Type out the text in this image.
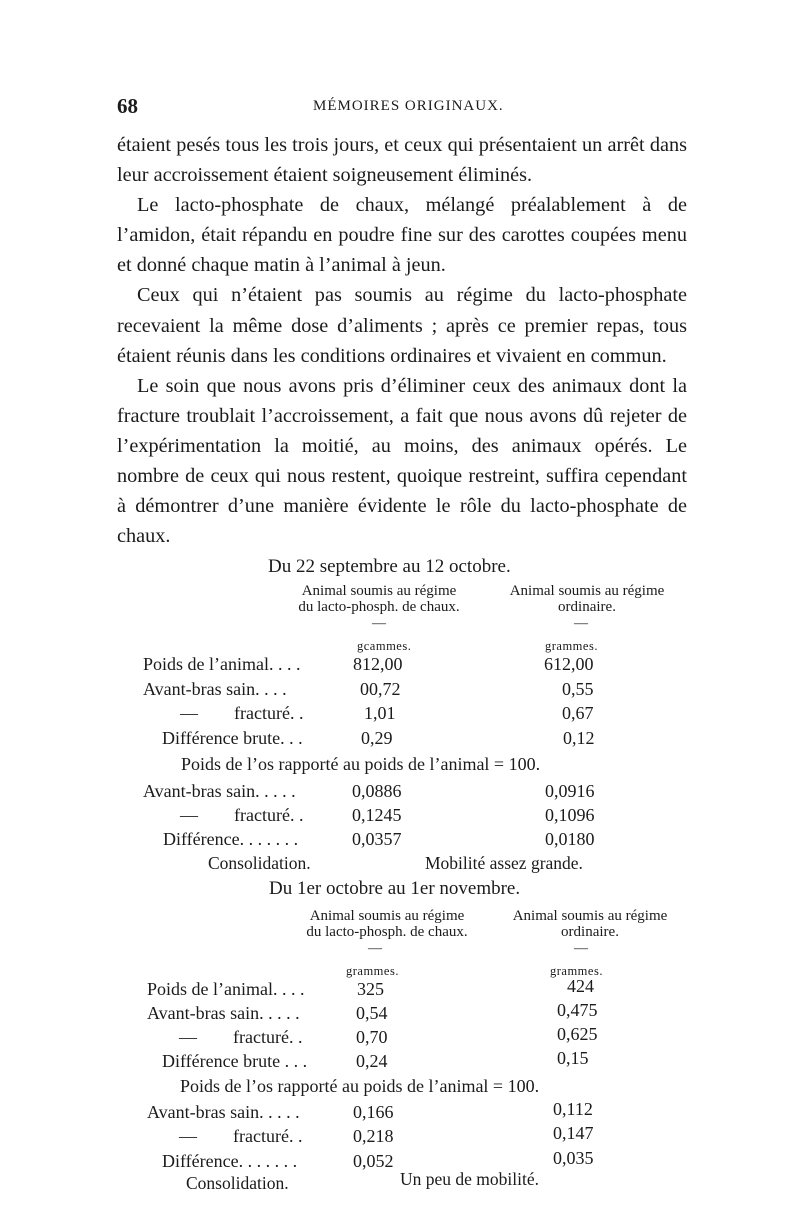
68	MÉMOIRES ORIGINAUX.

étaient pesés tous les trois jours, et ceux qui présentaient un arrêt dans leur accroissement étaient soigneusement éliminés.

Le lacto-phosphate de chaux, mélangé préalablement à de l’amidon, était répandu en poudre fine sur des carottes coupées menu et donné chaque matin à l’animal à jeun.

Ceux qui n’étaient pas soumis au régime du lacto-phosphate recevaient la même dose d’aliments ; après ce premier repas, tous étaient réunis dans les conditions ordinaires et vivaient en commun.

Le soin que nous avons pris d’éliminer ceux des animaux dont la fracture troublait l’accroissement, a fait que nous avons dû rejeter de l’expérimentation la moitié, au moins, des animaux opérés. Le nombre de ceux qui nous restent, quoique restreint, suffira cependant à démontrer d’une manière évidente le rôle du lacto-phosphate de chaux.

Du 22 septembre au 12 octobre.
Animal soumis au régime
du lacto-phosph. de chaux.
Animal soumis au régime
ordinaire.
—	—
gcammes.	grammes.
Poids de l’animal. . . .	812,00	612,00
Avant-bras sain. . . .	00,72	0,55
—        fracturé. .	1,01	0,67
Différence brute. . .	0,29	0,12
Poids de l’os rapporté au poids de l’animal = 100.
Avant-bras sain. . . . .	0,0886	0,0916
—        fracturé. .	0,1245	0,1096
Différence. . . . . . .	0,0357	0,0180
Consolidation.	Mobilité assez grande.
Du 1er octobre au 1er novembre.
Animal soumis au régime
du lacto-phosph. de chaux.
Animal soumis au régime
ordinaire.
—	—
grammes.	grammes.
Poids de l’animal. . . .	325	424
Avant-bras sain. . . . .	0,54	0,475
—        fracturé. .	0,70	0,625
Différence brute . . .	0,24	0,15
Poids de l’os rapporté au poids de l’animal = 100.
Avant-bras sain. . . . .	0,166	0,112
—        fracturé. .	0,218	0,147
Différence. . . . . . .	0,052	0,035
Consolidation.	Un peu de mobilité.
